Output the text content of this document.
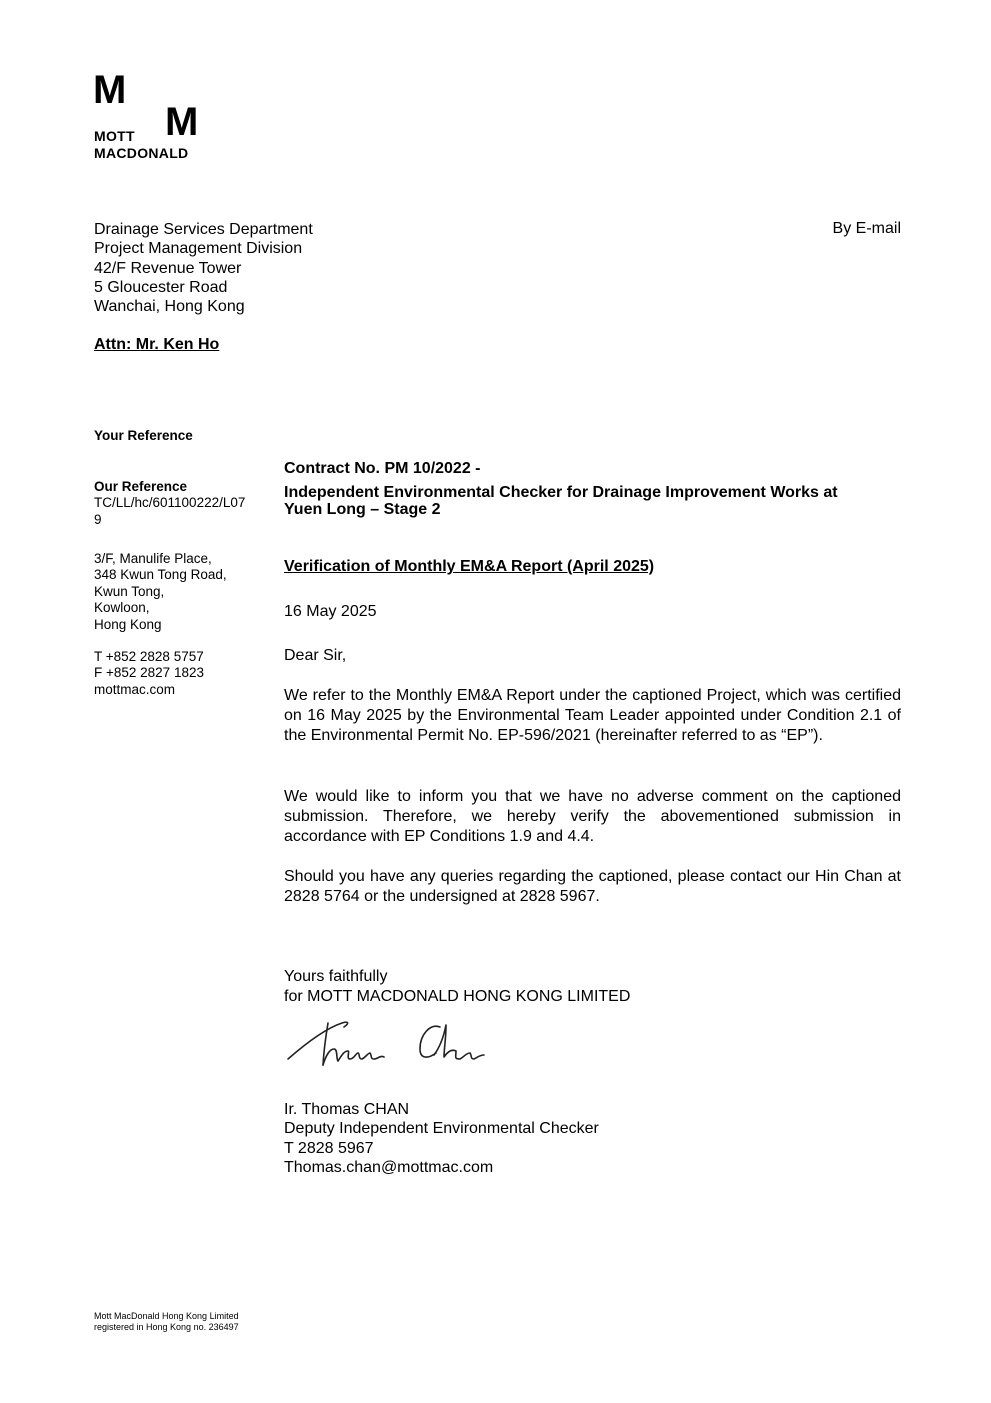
M
M
MOTT
MACDONALD
Drainage Services Department
Project Management Division
42/F Revenue Tower
5 Gloucester Road
Wanchai, Hong Kong
By E-mail
Attn: Mr. Ken Ho
Your Reference
Our Reference
TC/LL/hc/601100222/L07
9
3/F, Manulife Place,
348 Kwun Tong Road,
Kwun Tong,
Kowloon,
Hong Kong
T +852 2828 5757
F +852 2827 1823
mottmac.com
Contract No. PM 10/2022 -
Independent Environmental Checker for Drainage Improvement Works at
Yuen Long – Stage 2
Verification of Monthly EM&A Report (April 2025)
16 May 2025
Dear Sir,
We refer to the Monthly EM&A Report under the captioned Project, which was certified on 16 May 2025 by the Environmental Team Leader appointed under Condition 2.1 of the Environmental Permit No. EP-596/2021 (hereinafter referred to as “EP”).
We would like to inform you that we have no adverse comment on the captioned submission. Therefore, we hereby verify the abovementioned submission in accordance with EP Conditions 1.9 and 4.4.
Should you have any queries regarding the captioned, please contact our Hin Chan at 2828 5764 or the undersigned at 2828 5967.
Yours faithfully
for MOTT MACDONALD HONG KONG LIMITED
Ir. Thomas CHAN
Deputy Independent Environmental Checker
T 2828 5967
Thomas.chan@mottmac.com
Mott MacDonald Hong Kong Limited
registered in Hong Kong no. 236497
